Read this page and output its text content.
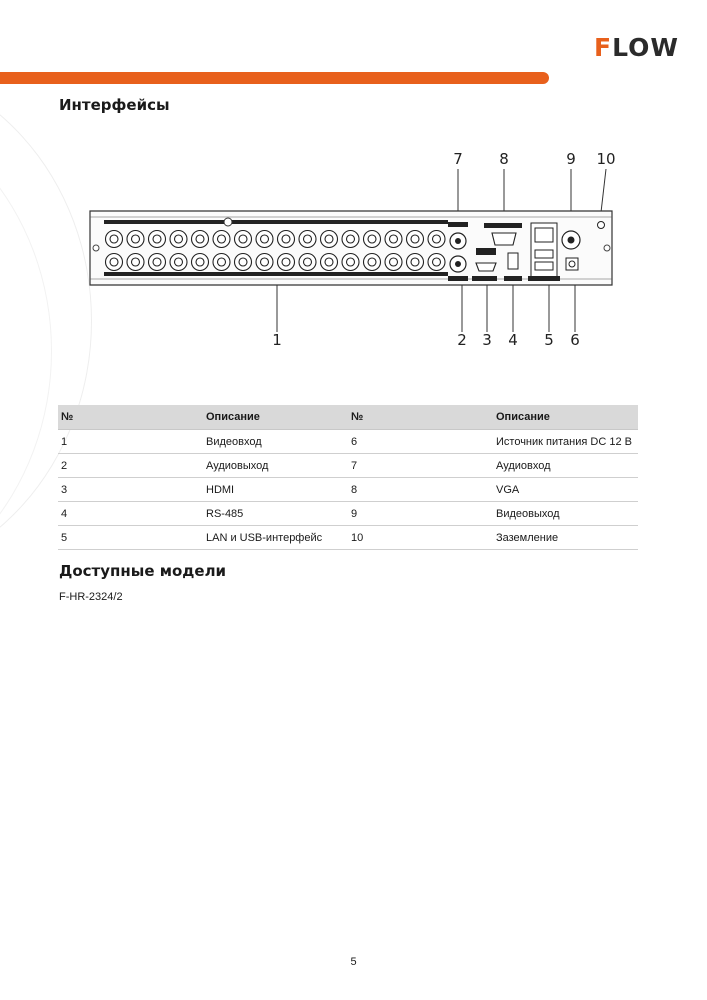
FLOW
Интерфейсы
7 8	9 10
1	2 3 4 5 6
№	Описание	№	Описание
1	Видеовход	6	Источник питания DC 12 В
2	Аудиовыход	7	Аудиовход
3	HDMI	8	VGA
4	RS-485	9	Видеовыход
5	LAN и USB-интерфейс	10	Заземление
Доступные модели
F-HR-2324/2
5
